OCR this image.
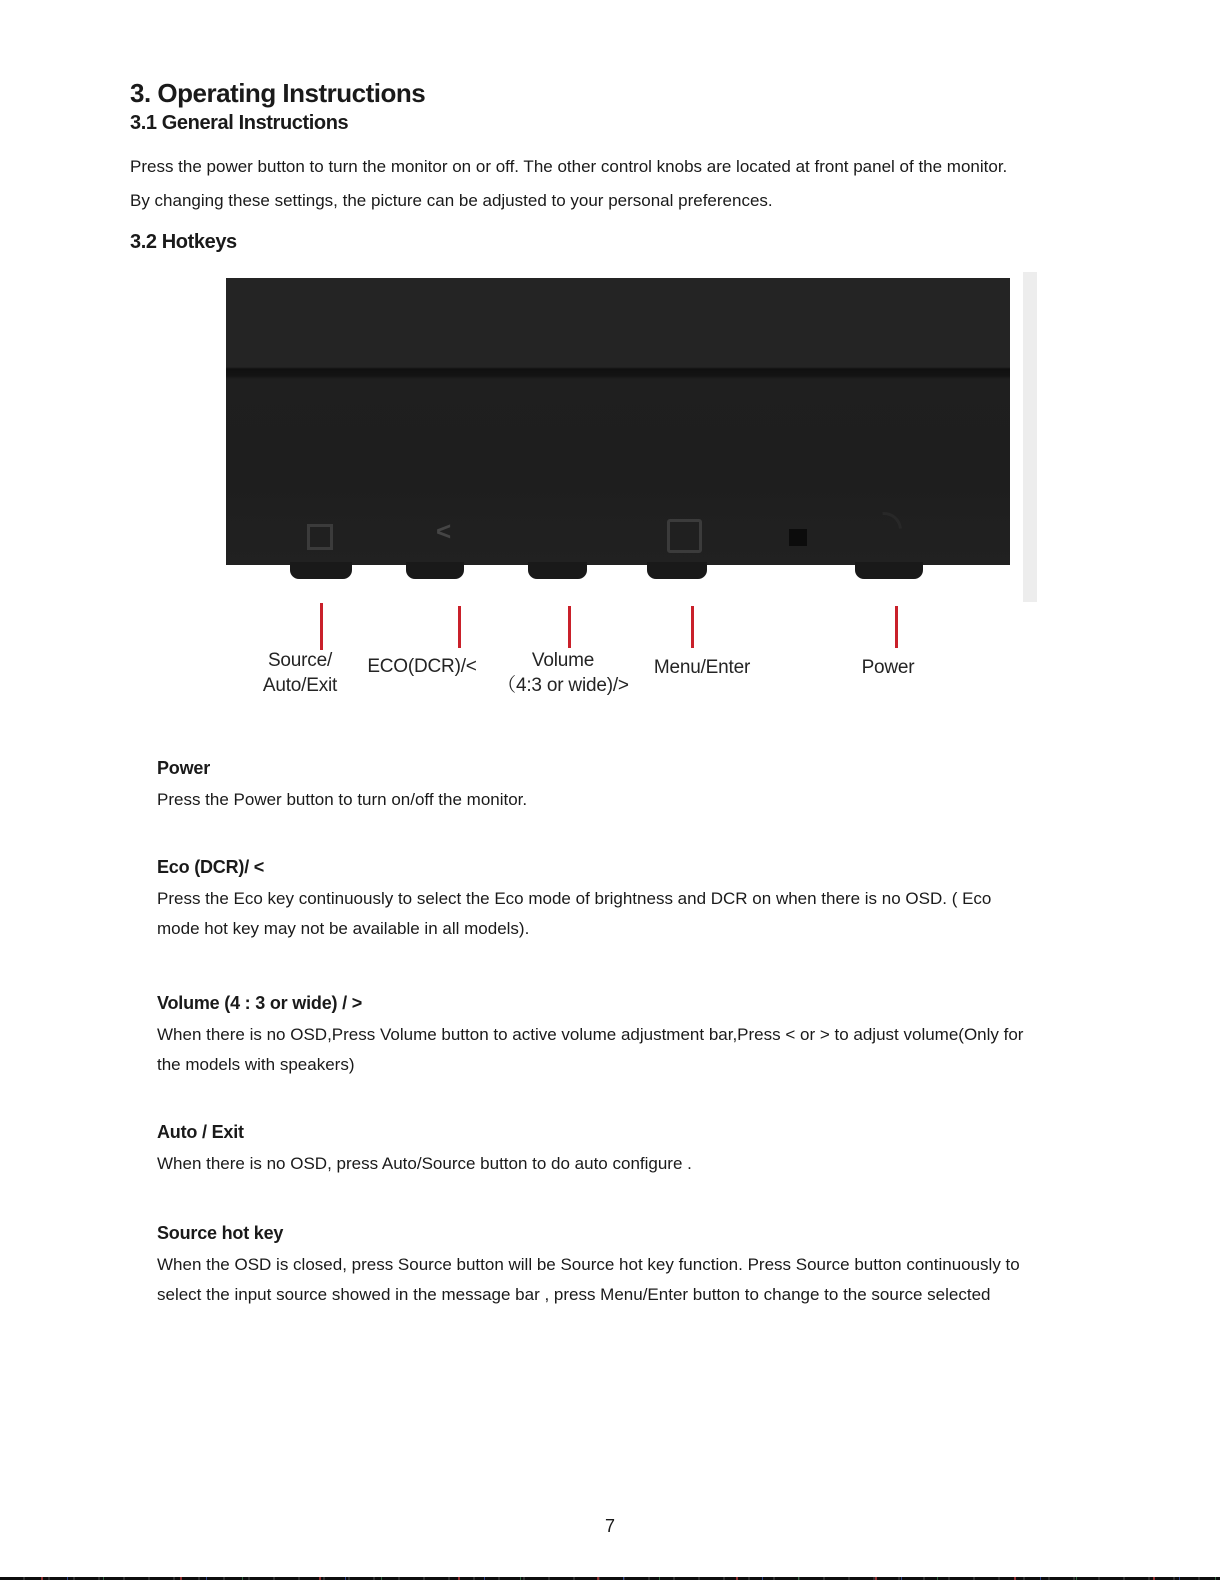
3. Operating Instructions
3.1 General Instructions
Press the power button to turn the monitor on or off. The other control knobs are located at front panel of the monitor.
By changing these settings, the picture can be adjusted to your personal preferences.
3.2 Hotkeys
<
Source/
Auto/Exit
ECO(DCR)/<	Volume
（4:3 or wide)/>
Menu/Enter	Power
Power
Press the Power button to turn on/off the monitor.
Eco (DCR)/ <
Press the Eco key continuously to select the Eco mode of brightness and DCR on when there is no OSD. ( Eco
mode hot key may not be available in all models).
Volume (4 : 3 or wide) / >
When there is no OSD,Press Volume button to active volume adjustment bar,Press < or > to adjust volume(Only for
the models with speakers)
Auto / Exit
When there is no OSD, press Auto/Source button to do auto configure .
Source hot key
When the OSD is closed, press Source button will be Source hot key function. Press Source button continuously to
select the input source showed in the message bar , press Menu/Enter button to change to the source selected
7
